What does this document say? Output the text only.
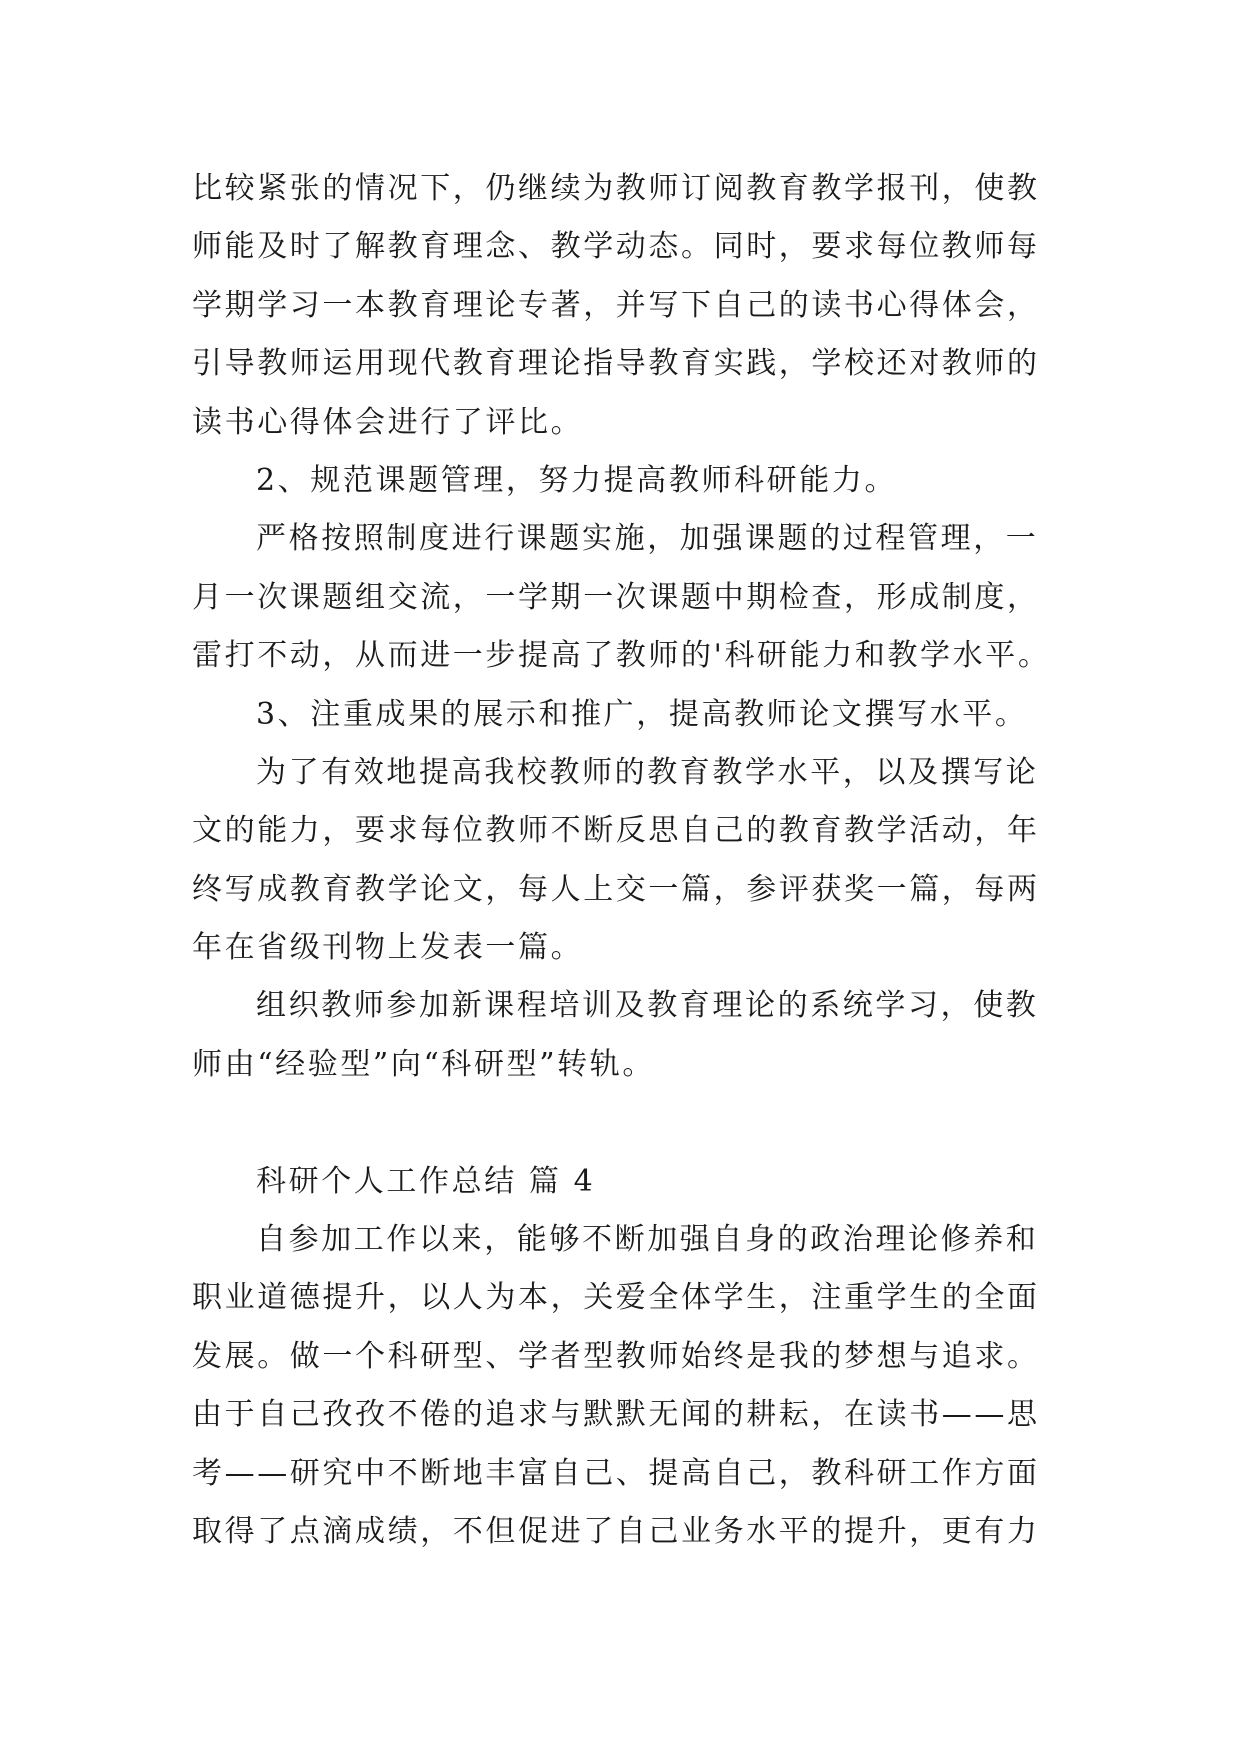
比较紧张的情况下，仍继续为教师订阅教育教学报刊，使教
师能及时了解教育理念、教学动态。同时，要求每位教师每
学期学习一本教育理论专著，并写下自己的读书心得体会，
引导教师运用现代教育理论指导教育实践，学校还对教师的
读书心得体会进行了评比。
2、规范课题管理，努力提高教师科研能力。
严格按照制度进行课题实施，加强课题的过程管理，一
月一次课题组交流，一学期一次课题中期检查，形成制度，
雷打不动，从而进一步提高了教师的'科研能力和教学水平。
3、注重成果的展示和推广，提高教师论文撰写水平。
为了有效地提高我校教师的教育教学水平，以及撰写论
文的能力，要求每位教师不断反思自己的教育教学活动，年
终写成教育教学论文，每人上交一篇，参评获奖一篇，每两
年在省级刊物上发表一篇。
组织教师参加新课程培训及教育理论的系统学习，使教
师由“经验型”向“科研型”转轨。
科研个人工作总结 篇 4
自参加工作以来，能够不断加强自身的政治理论修养和
职业道德提升，以人为本，关爱全体学生，注重学生的全面
发展。做一个科研型、学者型教师始终是我的梦想与追求。
由于自己孜孜不倦的追求与默默无闻的耕耘，在读书——思
考——研究中不断地丰富自己、提高自己，教科研工作方面
取得了点滴成绩，不但促进了自己业务水平的提升，更有力
